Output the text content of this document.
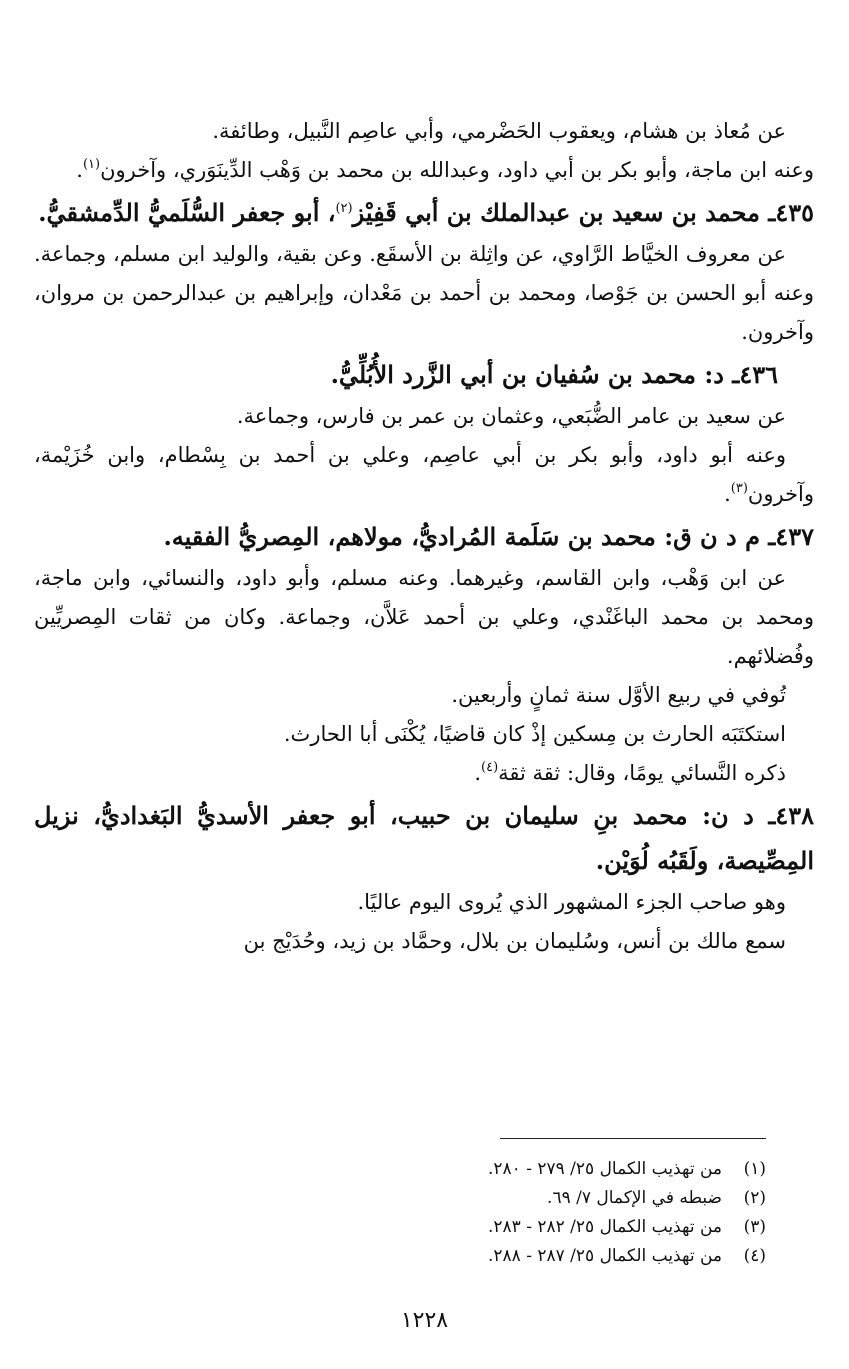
عن مُعاذ بن هشام، ويعقوب الحَضْرمي، وأبي عاصِم النَّبيل، وطائفة.

وعنه ابن ماجة، وأبو بكر بن أبي داود، وعبدالله بن محمد بن وَهْب الدِّينَوَري، وآخرون$^{(١)}$.

٤٣٥ـ محمد بن سعيد بن عبدالملك بن أبي قَفِيْز$^{(٢)}$، أبو جعفر السُّلَميُّ الدِّمشقيُّ.

عن معروف الخيَّاط الرَّاوي، عن واثِلة بن الأسقَع. وعن بقية، والوليد ابن مسلم، وجماعة. وعنه أبو الحسن بن جَوْصا، ومحمد بن أحمد بن مَعْدان، وإبراهيم بن عبدالرحمن بن مروان، وآخرون.

٤٣٦ـ د: محمد بن سُفيان بن أبي الزَّرد الأُبُلِّيُّ.

عن سعيد بن عامر الضُّبَعي، وعثمان بن عمر بن فارس، وجماعة.

وعنه أبو داود، وأبو بكر بن أبي عاصِم، وعلي بن أحمد بن بِسْطام، وابن خُزَيْمة، وآخرون$^{(٣)}$.

٤٣٧ـ م د ن ق: محمد بن سَلَمة المُراديُّ، مولاهم، المِصريُّ الفقيه.

عن ابن وَهْب، وابن القاسم، وغيرهما. وعنه مسلم، وأبو داود، والنسائي، وابن ماجة، ومحمد بن محمد الباغَنْدي، وعلي بن أحمد عَلاَّن، وجماعة. وكان من ثقات المِصريِّين وفُضلائهم.

تُوفي في ربيع الأوَّل سنة ثمانٍ وأربعين.

استكتَبَه الحارث بن مِسكين إذْ كان قاضيًا، يُكْنَى أبا الحارث.

ذكره النَّسائي يومًا، وقال: ثقة ثقة$^{(٤)}$.

٤٣٨ـ د ن: محمد بنِ سليمان بن حبيب، أبو جعفر الأسديُّ البَغداديُّ، نزيل المِصِّيصة، ولَقَبُه لُوَيْن.

وهو صاحب الجزء المشهور الذي يُروى اليوم عاليًا.

سمع مالك بن أنس، وسُليمان بن بلال، وحمَّاد بن زيد، وحُدَيْج بن

(١)من تهذيب الكمال ٢٥/ ٢٧٩ - ٢٨٠.
(٢)ضبطه في الإكمال ٧/ ٦٩.
(٣)من تهذيب الكمال ٢٥/ ٢٨٢ - ٢٨٣.
(٤)من تهذيب الكمال ٢٥/ ٢٨٧ - ٢٨٨.
١٢٢٨
